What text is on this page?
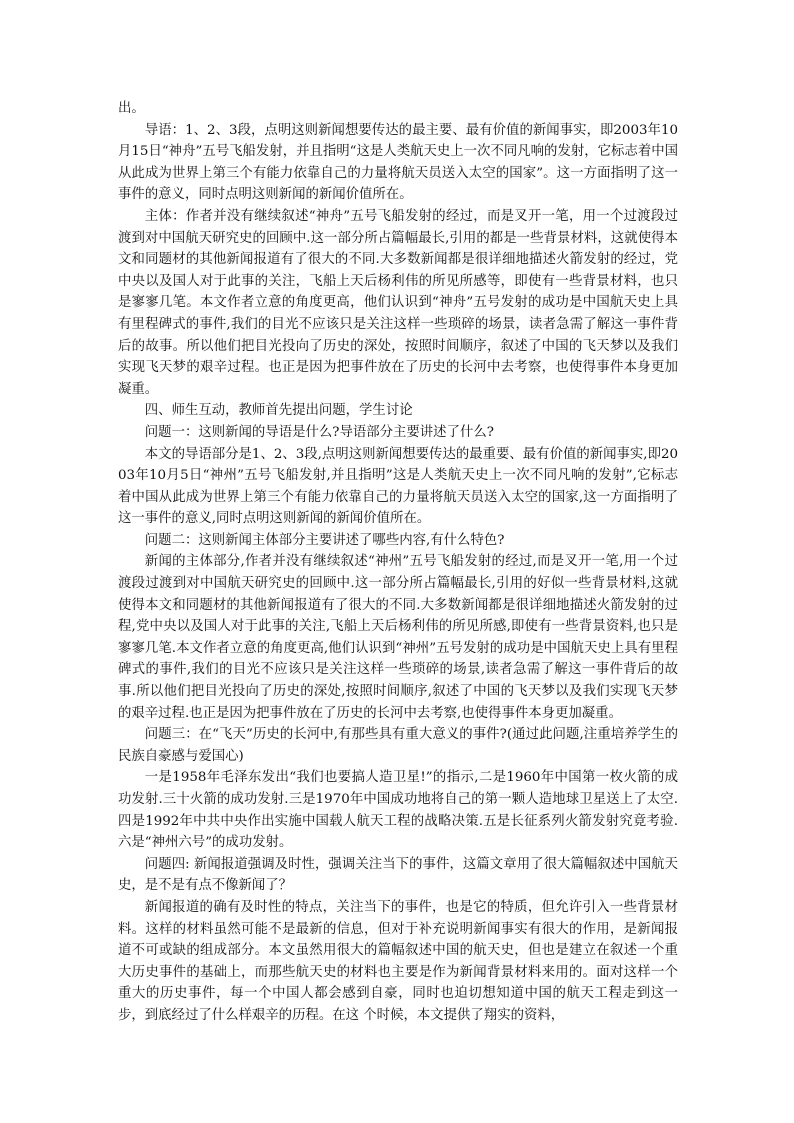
出。

导语：1、2、3段，点明这则新闻想要传达的最主要、最有价值的新闻事实，即2003年10月15日“神舟”五号飞船发射，并且指明“这是人类航天史上一次不同凡响的发射，它标志着中国从此成为世界上第三个有能力依靠自己的力量将航天员送入太空的国家”。这一方面指明了这一事件的意义，同时点明这则新闻的新闻价值所在。

主体：作者并没有继续叙述“神舟”五号飞船发射的经过，而是叉开一笔，用一个过渡段过渡到对中国航天研究史的回顾中.这一部分所占篇幅最长,引用的都是一些背景材料，这就使得本文和同题材的其他新闻报道有了很大的不同.大多数新闻都是很详细地描述火箭发射的经过，党中央以及国人对于此事的关注，飞船上天后杨利伟的所见所感等，即使有一些背景材料，也只是寥寥几笔。本文作者立意的角度更高，他们认识到“神舟”五号发射的成功是中国航天史上具有里程碑式的事件,我们的目光不应该只是关注这样一些琐碎的场景，读者急需了解这一事件背后的故事。所以他们把目光投向了历史的深处，按照时间顺序，叙述了中国的飞天梦以及我们实现飞天梦的艰辛过程。也正是因为把事件放在了历史的长河中去考察，也使得事件本身更加凝重。

四、师生互动，教师首先提出问题，学生讨论

问题一：这则新闻的导语是什么?导语部分主要讲述了什么?

本文的导语部分是1、2、3段,点明这则新闻想要传达的最重要、最有价值的新闻事实,即2003年10月5日“神州”五号飞船发射,并且指明”这是人类航天史上一次不同凡响的发射”,它标志着中国从此成为世界上第三个有能力依靠自己的力量将航天员送入太空的国家,这一方面指明了这一事件的意义,同时点明这则新闻的新闻价值所在。

问题二：这则新闻主体部分主要讲述了哪些内容,有什么特色?

新闻的主体部分,作者并没有继续叙述“神州”五号飞船发射的经过,而是叉开一笔,用一个过渡段过渡到对中国航天研究史的回顾中.这一部分所占篇幅最长,引用的好似一些背景材料,这就使得本文和同题材的其他新闻报道有了很大的不同.大多数新闻都是很详细地描述火箭发射的过程,党中央以及国人对于此事的关注,飞船上天后杨利伟的所见所感,即使有一些背景资料,也只是寥寥几笔.本文作者立意的角度更高,他们认识到“神州”五号发射的成功是中国航天史上具有里程碑式的事件,我们的目光不应该只是关注这样一些琐碎的场景,读者急需了解这一事件背后的故事.所以他们把目光投向了历史的深处,按照时间顺序,叙述了中国的飞天梦以及我们实现飞天梦的艰辛过程.也正是因为把事件放在了历史的长河中去考察,也使得事件本身更加凝重。

问题三：在“飞天”历史的长河中,有那些具有重大意义的事件?(通过此问题,注重培养学生的民族自豪感与爱国心)

一是1958年毛泽东发出“我们也要搞人造卫星!”的指示,二是1960年中国第一枚火箭的成功发射.三十火箭的成功发射.三是1970年中国成功地将自己的第一颗人造地球卫星送上了太空.四是1992年中共中央作出实施中国载人航天工程的战略决策.五是长征系列火箭发射究竟考验.六是“神州六号”的成功发射。

问题四: 新闻报道强调及时性，强调关注当下的事件，这篇文章用了很大篇幅叙述中国航天史，是不是有点不像新闻了？

新闻报道的确有及时性的特点，关注当下的事件，也是它的特质，但允许引入一些背景材料。这样的材料虽然可能不是最新的信息，但对于补充说明新闻事实有很大的作用，是新闻报道不可或缺的组成部分。本文虽然用很大的篇幅叙述中国的航天史，但也是建立在叙述一个重大历史事件的基础上，而那些航天史的材料也主要是作为新闻背景材料来用的。面对这样一个重大的历史事件，每一个中国人都会感到自豪，同时也迫切想知道中国的航天工程走到这一步，到底经过了什么样艰辛的历程。在这 个时候，本文提供了翔实的资料，
